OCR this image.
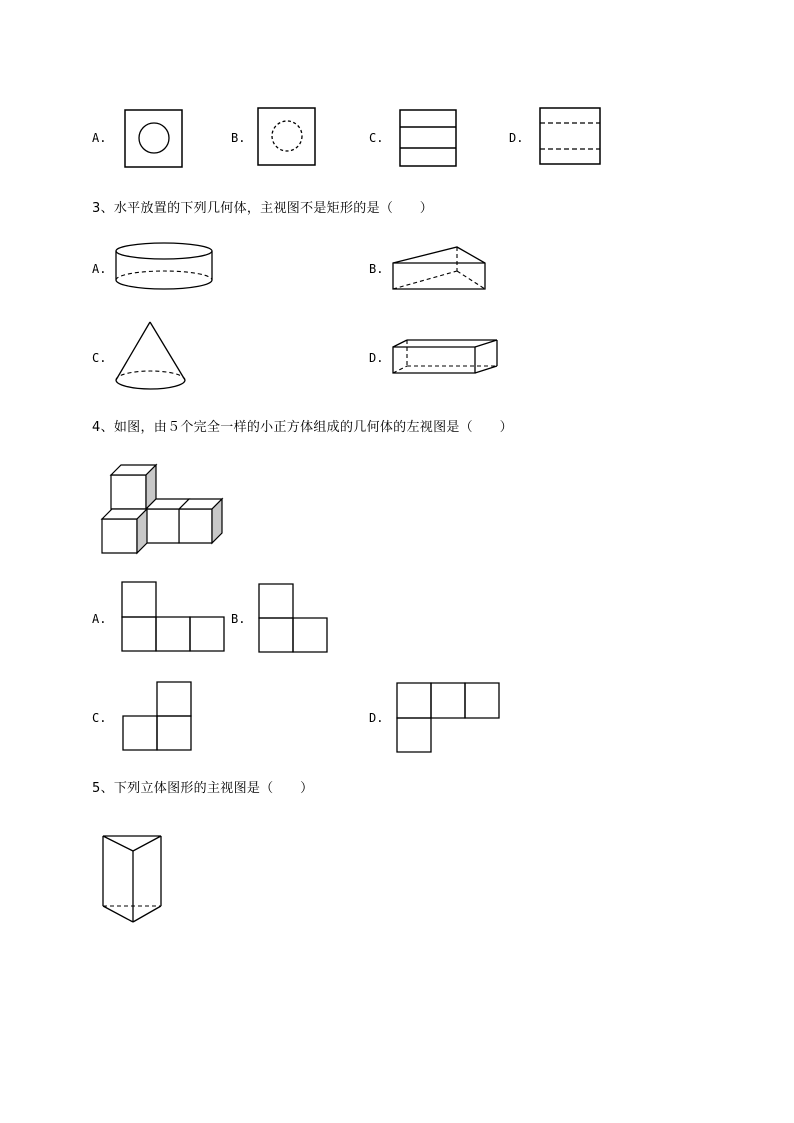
A.	B.	C.	D.
3、水平放置的下列几何体，主视图不是矩形的是（　　）
A.	B.
C.	D.
4、如图，由５个完全一样的小正方体组成的几何体的左视图是（　　）
A.	B.
C.	D.
5、下列立体图形的主视图是（　　）
